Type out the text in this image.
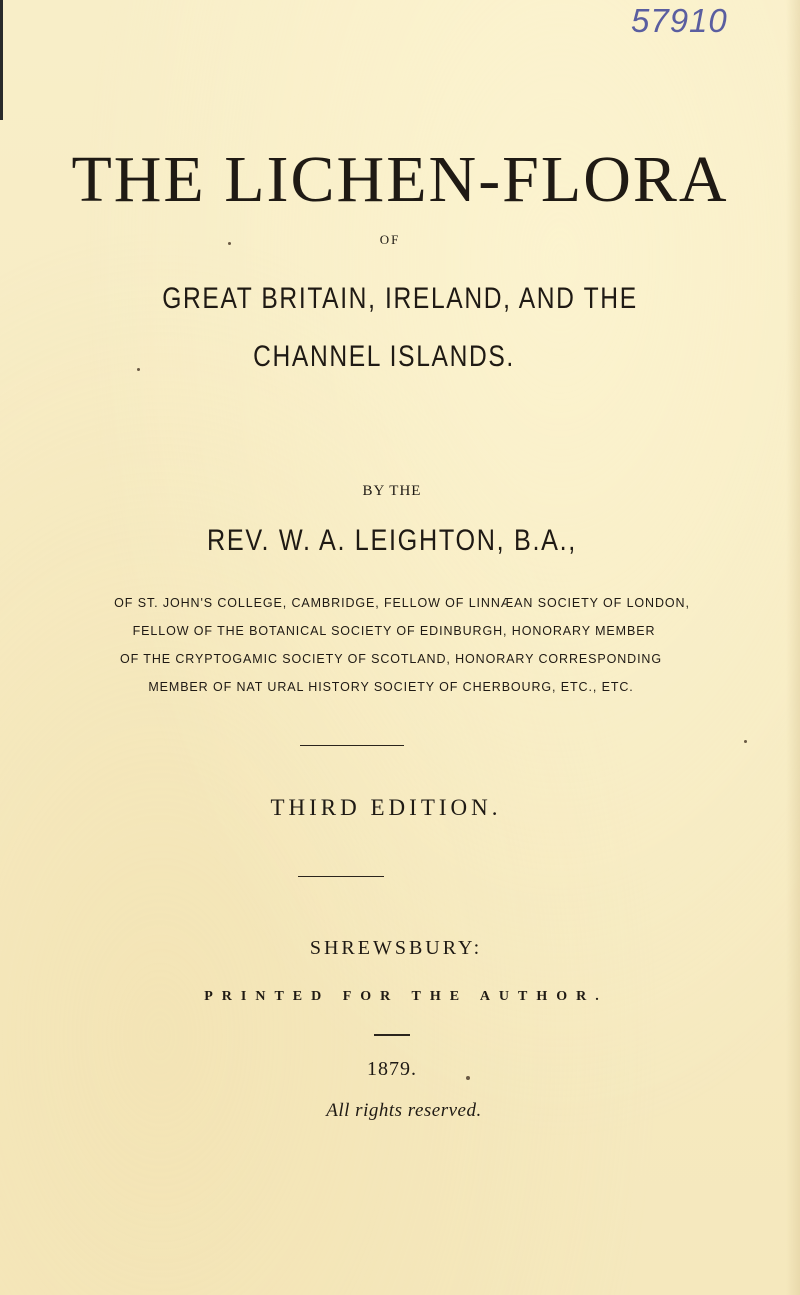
57910
THE LICHEN-FLORA
OF
GREAT BRITAIN, IRELAND, AND THE
CHANNEL ISLANDS.
BY THE
REV. W. A. LEIGHTON, B.A.,
OF ST. JOHN'S COLLEGE, CAMBRIDGE, FELLOW OF LINNÆAN SOCIETY OF LONDON,
FELLOW OF THE BOTANICAL SOCIETY OF EDINBURGH, HONORARY MEMBER
OF THE CRYPTOGAMIC SOCIETY OF SCOTLAND, HONORARY CORRESPONDING
MEMBER OF NAT URAL HISTORY SOCIETY OF CHERBOURG, ETC., ETC.
THIRD EDITION.
SHREWSBURY:
PRINTED FOR THE AUTHOR.
1879.
All rights reserved.
